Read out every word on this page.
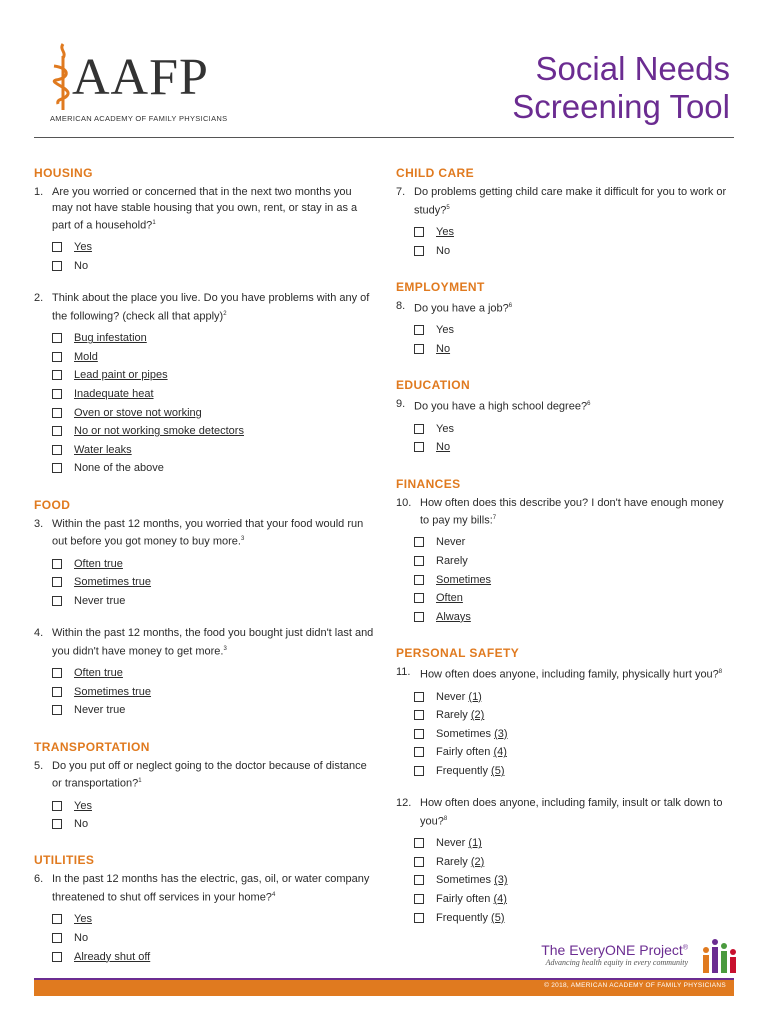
AAFP
AMERICAN ACADEMY OF FAMILY PHYSICIANS
Social Needs
Screening Tool
HOUSING
1. Are you worried or concerned that in the next two months you may not have stable housing that you own, rent, or stay in as a part of a household?$^1$
Yes
No
2. Think about the place you live. Do you have problems with any of the following? (check all that apply)$^2$
Bug infestation
Mold
Lead paint or pipes
Inadequate heat
Oven or stove not working
No or not working smoke detectors
Water leaks
None of the above
FOOD
3. Within the past 12 months, you worried that your food would run out before you got money to buy more.$^3$
Often true
Sometimes true
Never true
4. Within the past 12 months, the food you bought just didn't last and you didn't have money to get more.$^3$
Often true
Sometimes true
Never true
TRANSPORTATION
5. Do you put off or neglect going to the doctor because of distance or transportation?$^1$
Yes
No
UTILITIES
6. In the past 12 months has the electric, gas, oil, or water company threatened to shut off services in your home?$^4$
Yes
No
Already shut off
CHILD CARE
7. Do problems getting child care make it difficult for you to work or study?$^5$
Yes
No
EMPLOYMENT
8. Do you have a job?$^6$
Yes
No
EDUCATION
9. Do you have a high school degree?$^6$
Yes
No
FINANCES
10. How often does this describe you? I don't have enough money to pay my bills:$^7$
Never
Rarely
Sometimes
Often
Always
PERSONAL SAFETY
11. How often does anyone, including family, physically hurt you?$^8$
Never
(1)
Rarely
(2)
Sometimes
(3)
Fairly often
(4)
Frequently
(5)
12. How often does anyone, including family, insult or talk down to you?$^8$
Never
(1)
Rarely
(2)
Sometimes
(3)
Fairly often
(4)
Frequently
(5)
The EveryONE Project®
Advancing health equity in every community
© 2018, AMERICAN ACADEMY OF FAMILY PHYSICIANS
